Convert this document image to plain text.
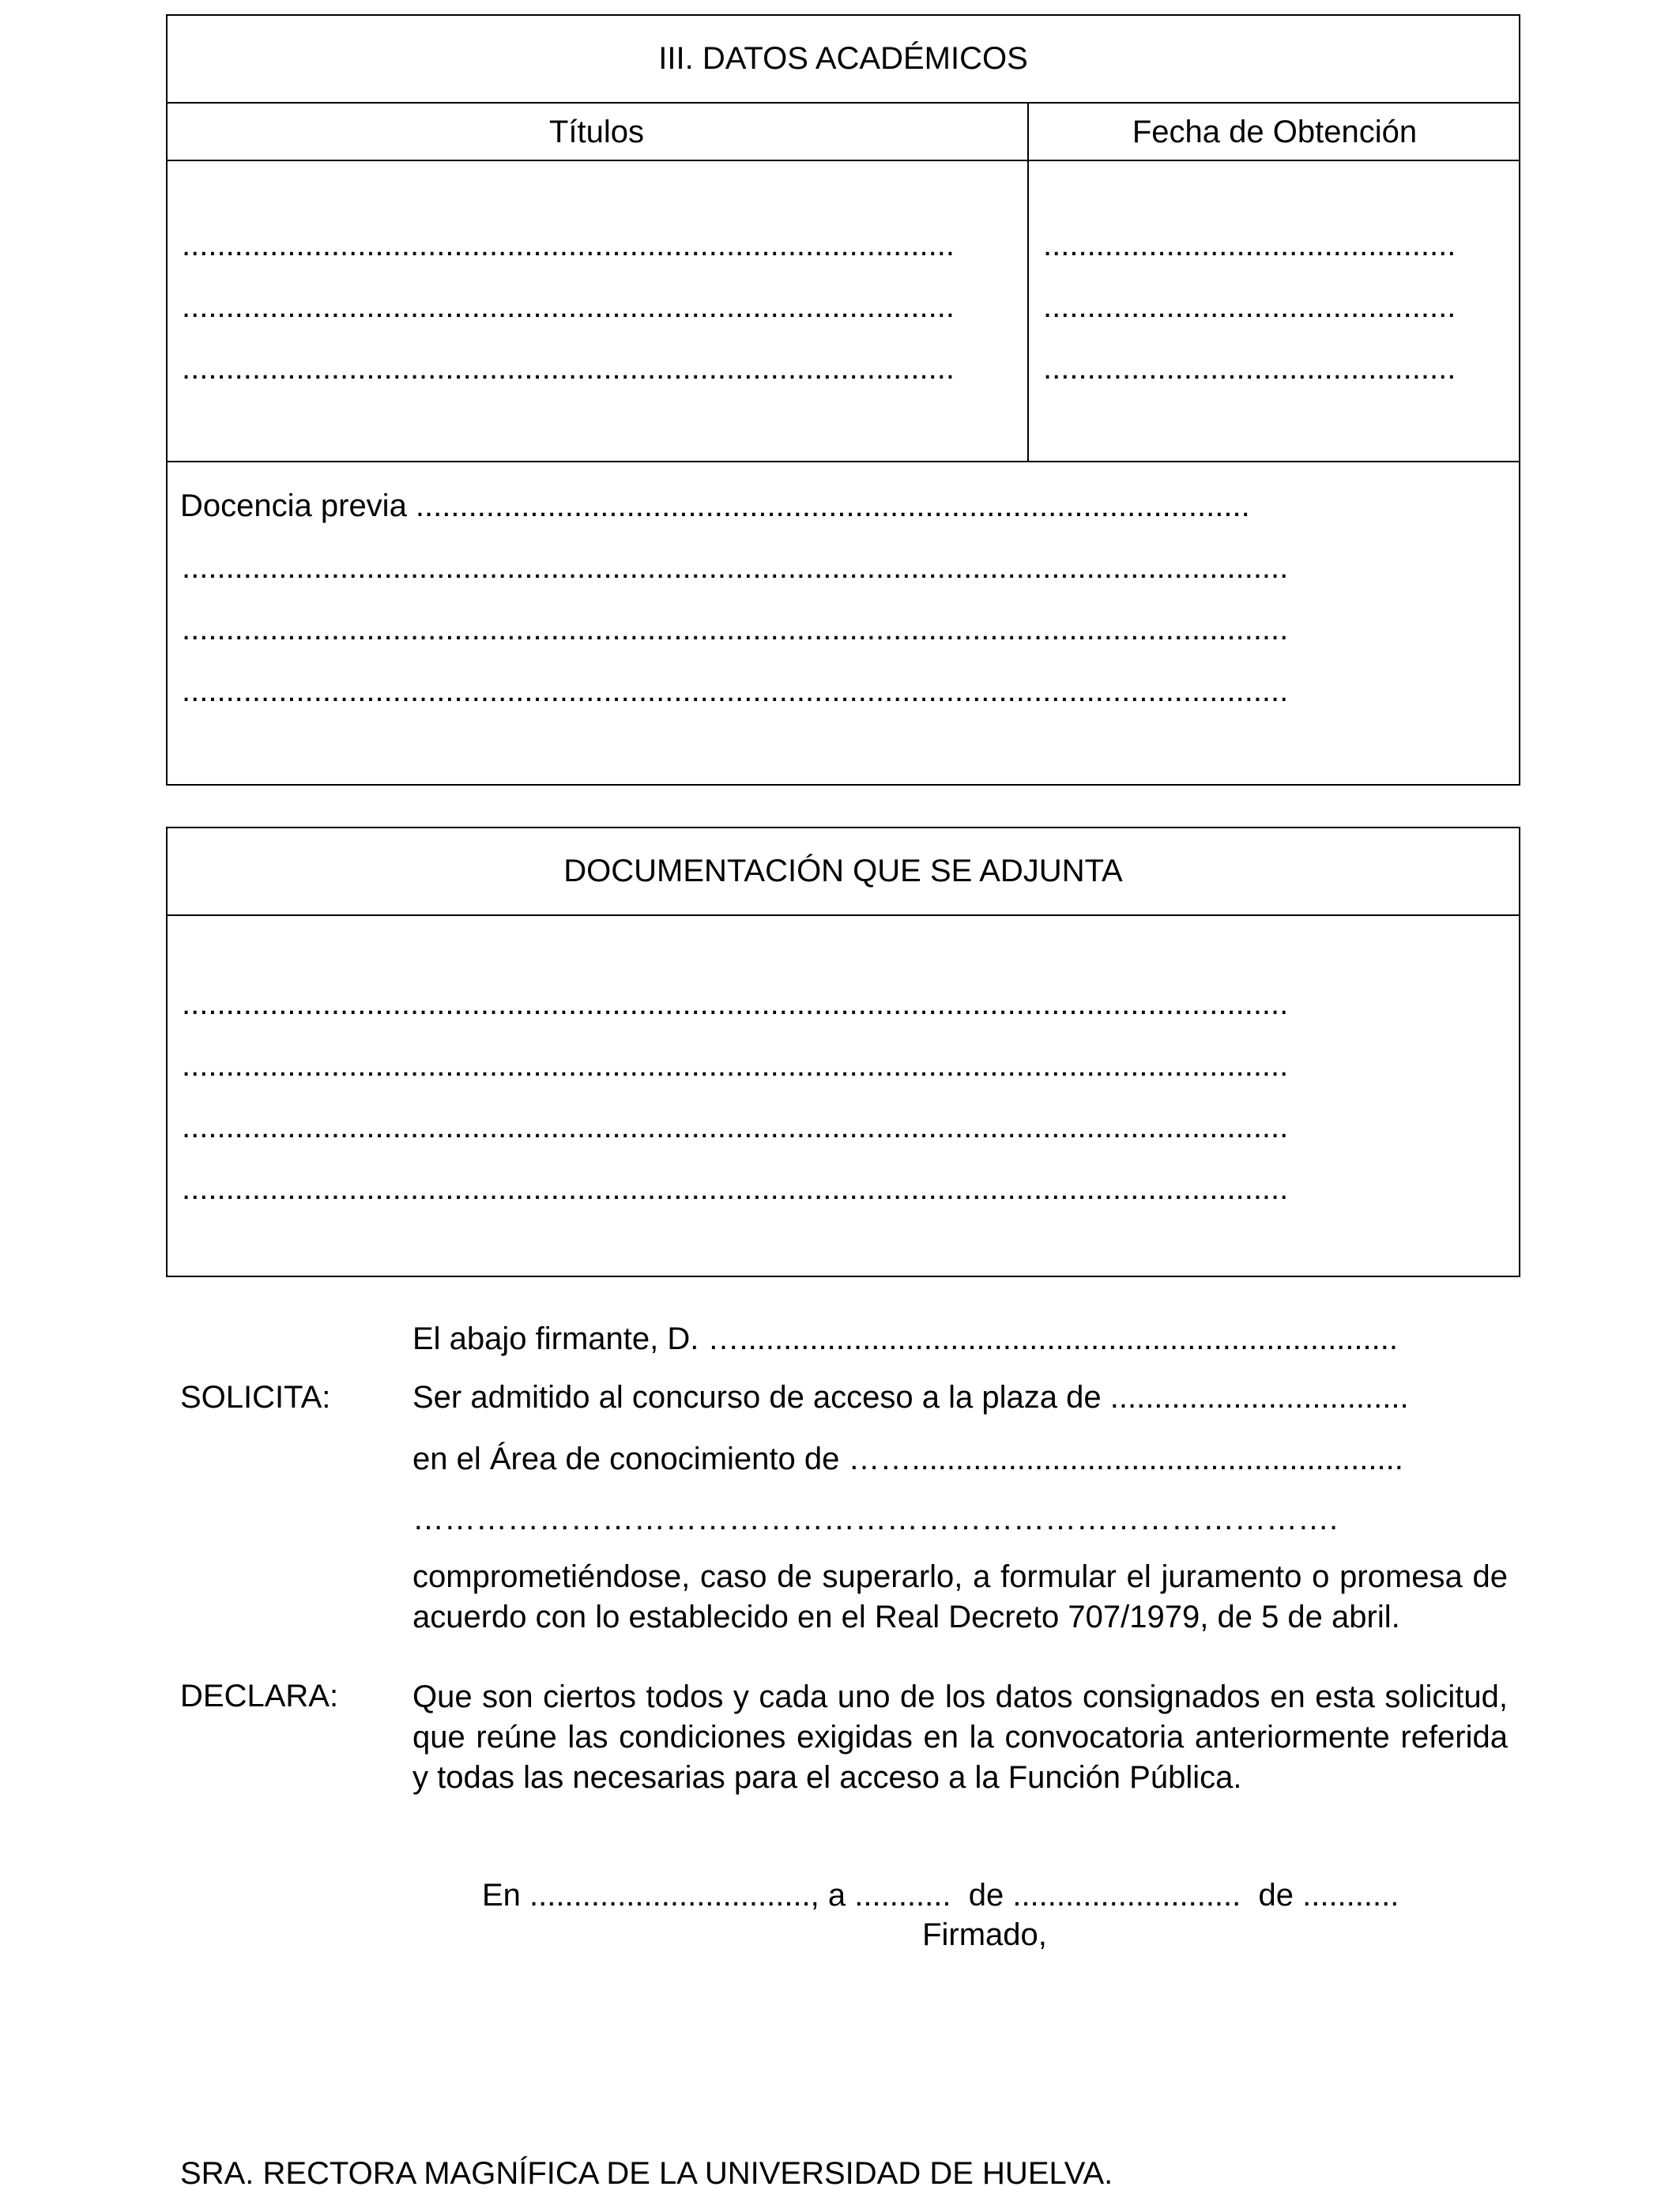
III. DATOS ACADÉMICOS
Títulos	Fecha de Obtención
........................................................................................
........................................................................................
........................................................................................
...............................................
...............................................
...............................................
Docencia previa ...............................................................................................
..............................................................................................................................
..............................................................................................................................
..............................................................................................................................
DOCUMENTACIÓN QUE SE ADJUNTA
..............................................................................................................................
..............................................................................................................................
..............................................................................................................................
..............................................................................................................................
El abajo firmante, D. …...........................................................................
SOLICITA:	Ser admitido al concurso de acceso a la plaza de ..................................
en el Área de conocimiento de ……........................................................
…………………………………………………………………………….
comprometiéndose, caso de superarlo, a formular el juramento o promesa de acuerdo con lo establecido en el Real Decreto 707/1979, de 5 de abril.
DECLARA: Que son ciertos todos y cada uno de los datos consignados en esta solicitud, que reúne las condiciones exigidas en la convocatoria anteriormente referida y todas las necesarias para el acceso a la Función Pública.
En ................................, a ...........  de ..........................  de ...........
Firmado,
SRA. RECTORA MAGNÍFICA DE LA UNIVERSIDAD DE HUELVA.
